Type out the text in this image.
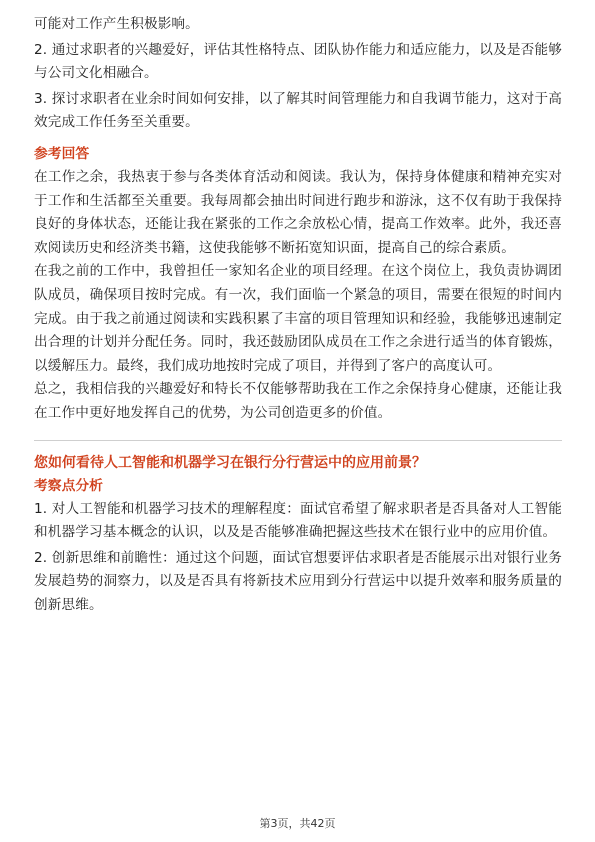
可能对工作产生积极影响。

2. 通过求职者的兴趣爱好，评估其性格特点、团队协作能力和适应能力，以及是否能够与公司文化相融合。

3. 探讨求职者在业余时间如何安排，以了解其时间管理能力和自我调节能力，这对于高效完成工作任务至关重要。

参考回答

在工作之余，我热衷于参与各类体育活动和阅读。我认为，保持身体健康和精神充实对于工作和生活都至关重要。我每周都会抽出时间进行跑步和游泳，这不仅有助于我保持良好的身体状态，还能让我在紧张的工作之余放松心情，提高工作效率。此外，我还喜欢阅读历史和经济类书籍，这使我能够不断拓宽知识面，提高自己的综合素质。

在我之前的工作中，我曾担任一家知名企业的项目经理。在这个岗位上，我负责协调团队成员，确保项目按时完成。有一次，我们面临一个紧急的项目，需要在很短的时间内完成。由于我之前通过阅读和实践积累了丰富的项目管理知识和经验，我能够迅速制定出合理的计划并分配任务。同时，我还鼓励团队成员在工作之余进行适当的体育锻炼，以缓解压力。最终，我们成功地按时完成了项目，并得到了客户的高度认可。

总之，我相信我的兴趣爱好和特长不仅能够帮助我在工作之余保持身心健康，还能让我在工作中更好地发挥自己的优势，为公司创造更多的价值。

您如何看待人工智能和机器学习在银行分行营运中的应用前景？
考察点分析

1. 对人工智能和机器学习技术的理解程度：面试官希望了解求职者是否具备对人工智能和机器学习基本概念的认识，以及是否能够准确把握这些技术在银行业中的应用价值。

2. 创新思维和前瞻性：通过这个问题，面试官想要评估求职者是否能展示出对银行业务发展趋势的洞察力，以及是否具有将新技术应用到分行营运中以提升效率和服务质量的创新思维。

第3页，共42页
